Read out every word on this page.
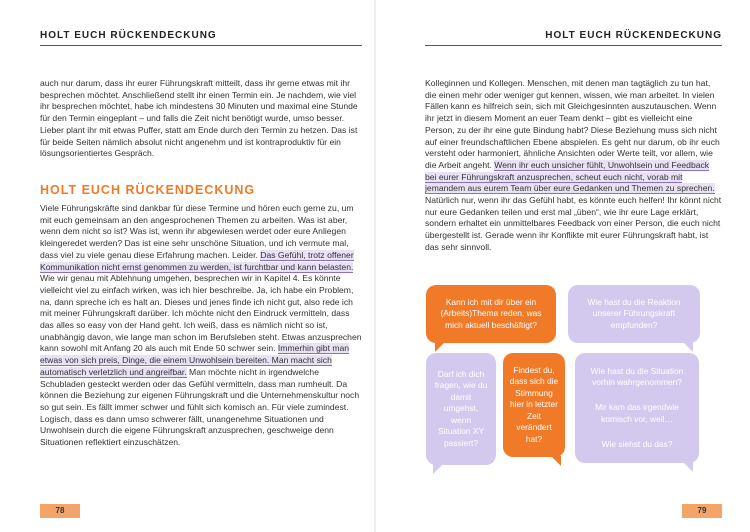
HOLT EUCH RÜCKENDECKUNG
auch nur darum, dass ihr eurer Führungskraft mitteilt, dass ihr gerne etwas mit ihr besprechen möchtet. Anschließend stellt ihr einen Termin ein. Je nachdem, wie viel ihr besprechen möchtet, habe ich mindestens 30 Minuten und maximal eine Stunde für den Termin eingeplant – und falls die Zeit nicht benötigt wurde, umso besser. Lieber plant ihr mit etwas Puffer, statt am Ende durch den Termin zu hetzen. Das ist für beide Seiten nämlich absolut nicht angenehm und ist kontraproduktiv für ein lösungsorientiertes Gespräch.
HOLT EUCH RÜCKENDECKUNG
Viele Führungskräfte sind dankbar für diese Termine und hören euch gerne zu, um mit euch gemeinsam an den angesprochenen Themen zu arbeiten. Was ist aber, wenn dem nicht so ist? Was ist, wenn ihr abgewiesen werdet oder eure Anliegen kleingeredet werden? Das ist eine sehr unschöne Situation, und ich vermute mal, dass viel zu viele genau diese Erfahrung machen. Leider. Das Gefühl, trotz offener Kommunikation nicht ernst genommen zu werden, ist furchtbar und kann belasten. Wie wir genau mit Ablehnung umgehen, besprechen wir in Kapitel 4. Es könnte vielleicht viel zu einfach wirken, was ich hier beschreibe. Ja, ich habe ein Problem, na, dann spreche ich es halt an. Dieses und jenes finde ich nicht gut, also rede ich mit meiner Führungskraft darüber. Ich möchte nicht den Eindruck vermitteln, dass das alles so easy von der Hand geht. Ich weiß, dass es nämlich nicht so ist, unabhängig davon, wie lange man schon im Berufsleben steht. Etwas anzusprechen kann sowohl mit Anfang 20 als auch mit Ende 50 schwer sein. Immerhin gibt man etwas von sich preis, Dinge, die einem Unwohlsein bereiten. Man macht sich automatisch verletzlich und angreifbar. Man möchte nicht in irgendwelche Schubladen gesteckt werden oder das Gefühl vermitteln, dass man rumheult. Da können die Beziehung zur eigenen Führungskraft und die Unternehmenskultur noch so gut sein. Es fällt immer schwer und fühlt sich komisch an. Für viele zumindest. Logisch, dass es dann umso schwerer fällt, unangenehme Situationen und Unwohlsein durch die eigene Führungskraft anzusprechen, geschweige denn Situationen reflektiert einzuschätzen.
78
HOLT EUCH RÜCKENDECKUNG
Kolleginnen und Kollegen. Menschen, mit denen man tagtäglich zu tun hat, die einen mehr oder weniger gut kennen, wissen, wie man arbeitet. In vielen Fällen kann es hilfreich sein, sich mit Gleichgesinnten auszutauschen. Wenn ihr jetzt in diesem Moment an euer Team denkt – gibt es vielleicht eine Person, zu der ihr eine gute Bindung habt? Diese Beziehung muss sich nicht auf einer freundschaftlichen Ebene abspielen. Es geht nur darum, ob ihr euch versteht oder harmoniert, ähnliche Ansichten oder Werte teilt, vor allem, wie die Arbeit angeht. Wenn ihr euch unsicher fühlt, Unwohlsein und Feedback bei eurer Führungskraft anzusprechen, scheut euch nicht, vorab mit jemandem aus eurem Team über eure Gedanken und Themen zu sprechen. Natürlich nur, wenn ihr das Gefühl habt, es könnte euch helfen! Ihr könnt nicht nur eure Gedanken teilen und erst mal „üben“, wie ihr eure Lage erklärt, sondern erhaltet ein unmittelbares Feedback von einer Person, die euch nicht übergestellt ist. Gerade wenn ihr Konflikte mit eurer Führungskraft habt, ist das sehr sinnvoll.
Kann ich mit dir über ein (Arbeits)Thema reden, was mich aktuell beschäftigt?
Wie hast du die Reaktion unserer Führungskraft empfunden?
Darf ich dich fragen, wie du damit umgehst, wenn Situation XY passiert?
Findest du, dass sich die Stimmung hier in letzter Zeit verändert hat?
Wie hast du die Situation vorhin wahrgenommen?
Mir kam das irgendwie komisch vor, weil…
Wie siehst du das?
79
